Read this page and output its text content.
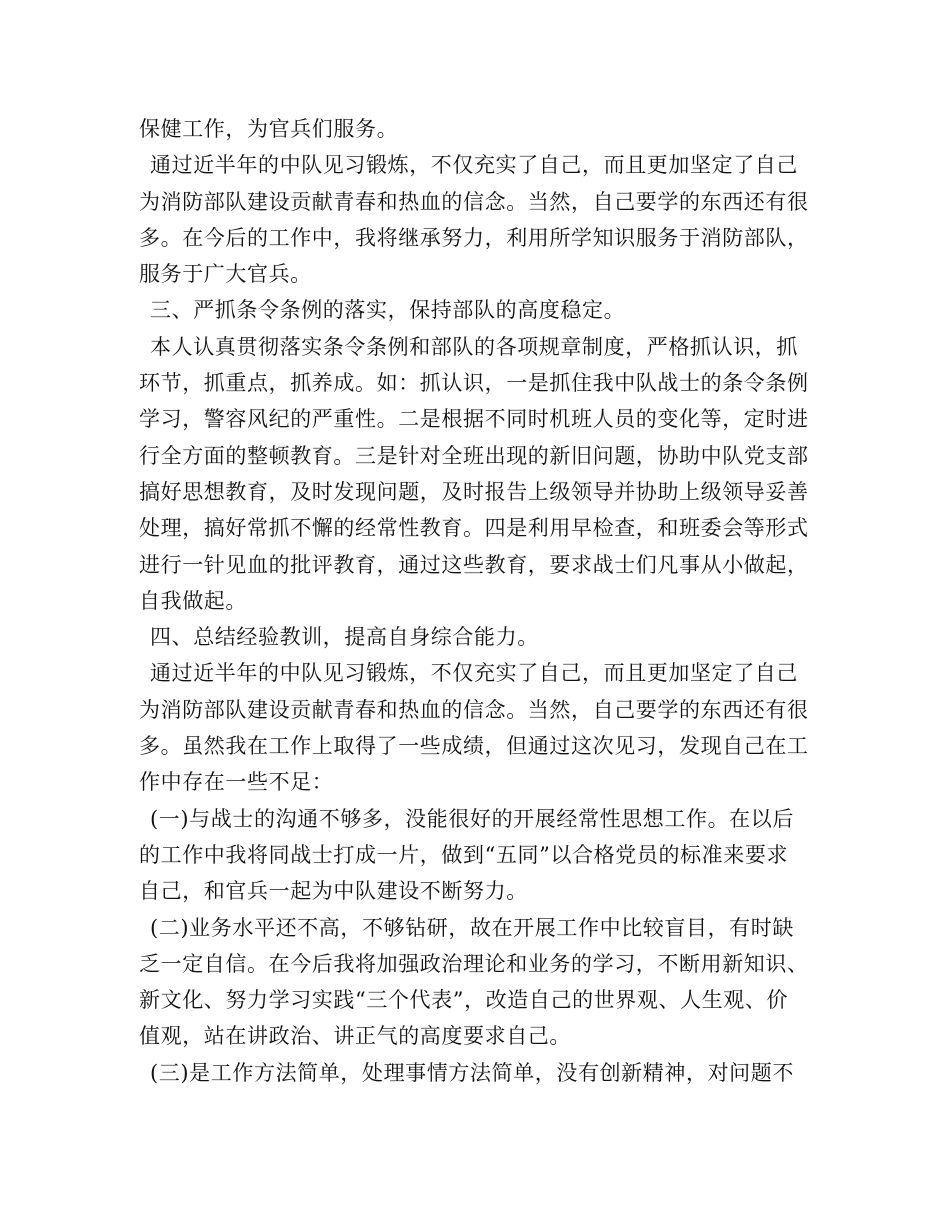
保健工作，为官兵们服务。
通过近半年的中队见习锻炼，不仅充实了自己，而且更加坚定了自己
为消防部队建设贡献青春和热血的信念。当然，自己要学的东西还有很
多。在今后的工作中，我将继承努力，利用所学知识服务于消防部队，
服务于广大官兵。
三、严抓条令条例的落实，保持部队的高度稳定。
本人认真贯彻落实条令条例和部队的各项规章制度，严格抓认识，抓
环节，抓重点，抓养成。如：抓认识，一是抓住我中队战士的条令条例
学习，警容风纪的严重性。二是根据不同时机班人员的变化等，定时进
行全方面的整顿教育。三是针对全班出现的新旧问题，协助中队党支部
搞好思想教育，及时发现问题，及时报告上级领导并协助上级领导妥善
处理，搞好常抓不懈的经常性教育。四是利用早检查，和班委会等形式
进行一针见血的批评教育，通过这些教育，要求战士们凡事从小做起，
自我做起。
四、总结经验教训，提高自身综合能力。
通过近半年的中队见习锻炼，不仅充实了自己，而且更加坚定了自己
为消防部队建设贡献青春和热血的信念。当然，自己要学的东西还有很
多。虽然我在工作上取得了一些成绩，但通过这次见习，发现自己在工
作中存在一些不足：
(一)与战士的沟通不够多，没能很好的开展经常性思想工作。在以后
的工作中我将同战士打成一片，做到“五同”以合格党员的标准来要求
自己，和官兵一起为中队建设不断努力。
(二)业务水平还不高，不够钻研，故在开展工作中比较盲目，有时缺
乏一定自信。在今后我将加强政治理论和业务的学习，不断用新知识、
新文化、努力学习实践“三个代表”，改造自己的世界观、人生观、价
值观，站在讲政治、讲正气的高度要求自己。
(三)是工作方法简单，处理事情方法简单，没有创新精神，对问题不
